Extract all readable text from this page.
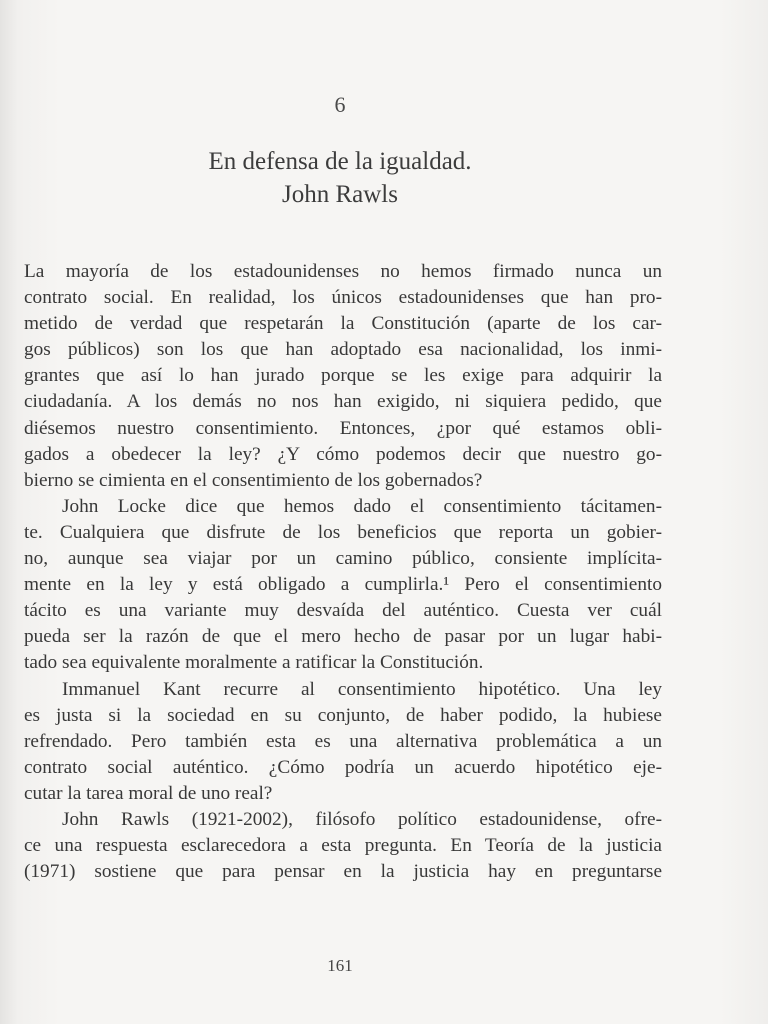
6
En defensa de la igualdad.
John Rawls
La mayoría de los estadounidenses no hemos firmado nunca un
contrato social. En realidad, los únicos estadounidenses que han pro-
metido de verdad que respetarán la Constitución (aparte de los car-
gos públicos) son los que han adoptado esa nacionalidad, los inmi-
grantes que así lo han jurado porque se les exige para adquirir la
ciudadanía. A los demás no nos han exigido, ni siquiera pedido, que
diésemos nuestro consentimiento. Entonces, ¿por qué estamos obli-
gados a obedecer la ley? ¿Y cómo podemos decir que nuestro go-
bierno se cimienta en el consentimiento de los gobernados?
John Locke dice que hemos dado el consentimiento tácitamen-
te. Cualquiera que disfrute de los beneficios que reporta un gobier-
no, aunque sea viajar por un camino público, consiente implícita-
mente en la ley y está obligado a cumplirla.¹ Pero el consentimiento
tácito es una variante muy desvaída del auténtico. Cuesta ver cuál
pueda ser la razón de que el mero hecho de pasar por un lugar habi-
tado sea equivalente moralmente a ratificar la Constitución.
Immanuel Kant recurre al consentimiento hipotético. Una ley
es justa si la sociedad en su conjunto, de haber podido, la hubiese
refrendado. Pero también esta es una alternativa problemática a un
contrato social auténtico. ¿Cómo podría un acuerdo hipotético eje-
cutar la tarea moral de uno real?
John Rawls (1921-2002), filósofo político estadounidense, ofre-
ce una respuesta esclarecedora a esta pregunta. En Teoría de la justicia
(1971) sostiene que para pensar en la justicia hay en preguntarse
161
